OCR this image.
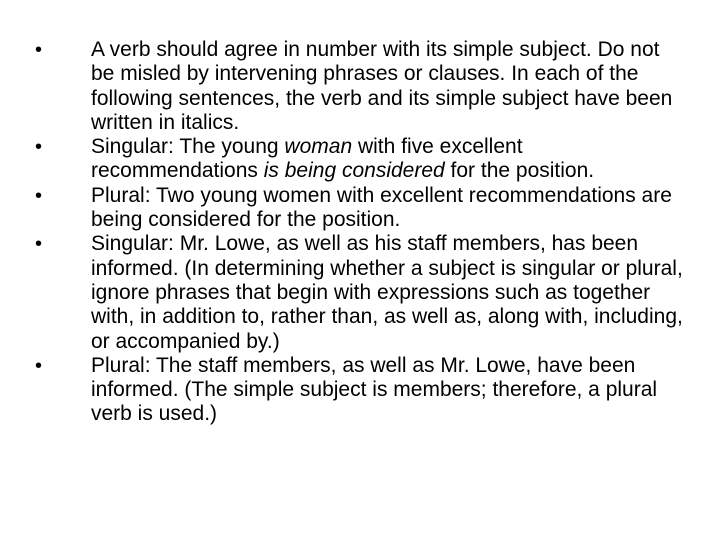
• A verb should agree in number with its simple subject. Do not be misled by intervening phrases or clauses. In each of the following sentences, the verb and its simple subject have been written in italics.
• Singular: The young woman with five excellent recommendations is being considered for the position.
• Plural: Two young women with excellent recommendations are being considered for the position.
• Singular: Mr. Lowe, as well as his staff members, has been informed. (In determining whether a subject is singular or plural, ignore phrases that begin with expressions such as together with, in addition to, rather than, as well as, along with, including, or accompanied by.)
• Plural: The staff members, as well as Mr. Lowe, have been informed. (The simple subject is members; therefore, a plural verb is used.)
